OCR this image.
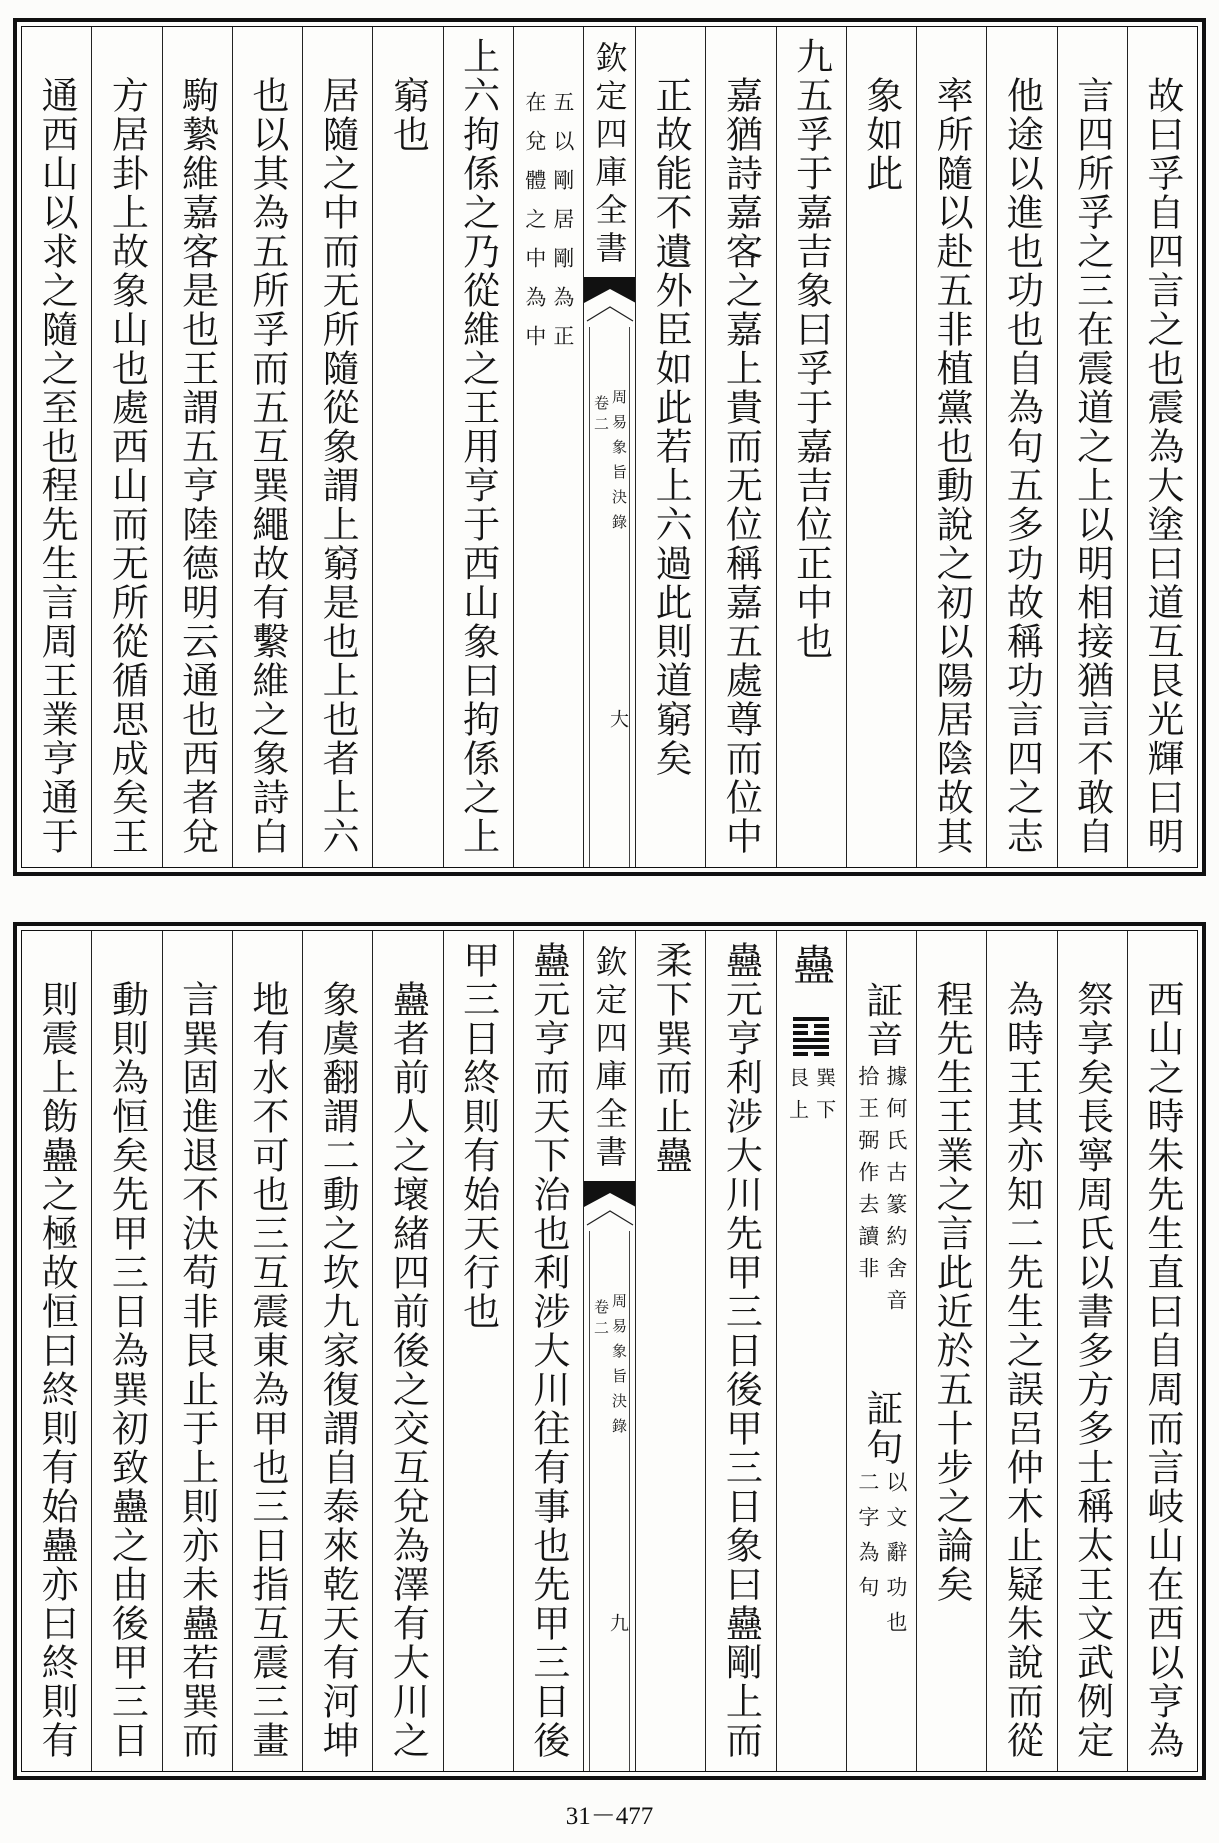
故曰孚自四言之也震為大塗曰道互艮光輝曰明
言四所孚之三在震道之上以明相接猶言不敢自
他途以進也功也自為句五多功故稱功言四之志
率所隨以赴五非植黨也動說之初以陽居陰故其
象如此
九五孚于嘉吉象曰孚于嘉吉位正中也
嘉猶詩嘉客之嘉上貴而无位稱嘉五處尊而位中
正故能不遺外臣如此若上六過此則道窮矣
欽定四庫全書
周易象旨決錄
卷二
大
五以剛居剛為正
在兌體之中為中
上六拘係之乃從維之王用亨于西山象曰拘係之上
窮也
居隨之中而无所隨從象謂上窮是也上也者上六
也以其為五所孚而五互巽繩故有繫維之象詩白
駒縶維嘉客是也王謂五亨陸德明云通也西者兌
方居卦上故象山也處西山而无所從循思成矣王
通西山以求之隨之至也程先生言周王業亨通于
西山之時朱先生直曰自周而言岐山在西以亨為
祭享矣長寧周氏以書多方多士稱太王文武例定
為時王其亦知二先生之誤呂仲木止疑朱說而從
程先生王業之言此近於五十步之論矣
証音
據何氏古篆約舍音
拾王弼作去讀非
証句
以文辭功也
二字為句
蠱
巽下
艮上
蠱元亨利涉大川先甲三日後甲三日象曰蠱剛上而
柔下巽而止蠱
欽定四庫全書
周易象旨決錄
卷二
九
蠱元亨而天下治也利涉大川往有事也先甲三日後
甲三日終則有始天行也
蠱者前人之壞緒四前後之交互兌為澤有大川之
象虞翻謂二動之坎九家復謂自泰來乾天有河坤
地有水不可也三互震東為甲也三日指互震三畫
言巽固進退不決苟非艮止于上則亦未蠱若巽而
動則為恒矣先甲三日為巽初致蠱之由後甲三日
則震上飭蠱之極故恒曰終則有始蠱亦曰終則有
31－477
